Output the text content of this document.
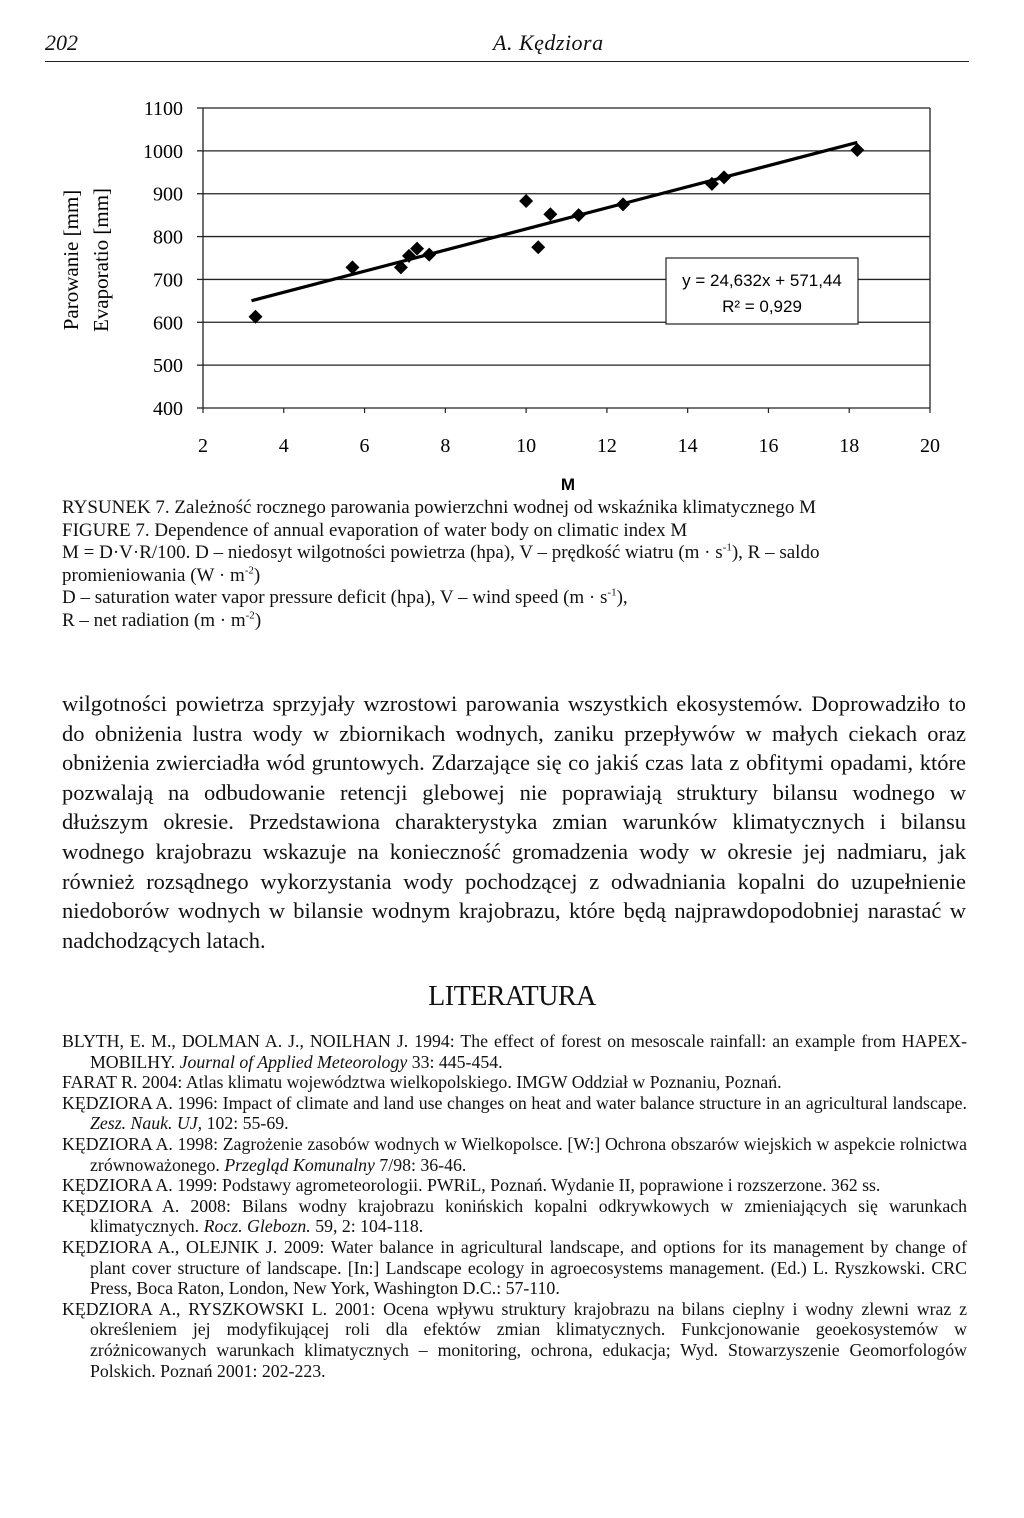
202	A. Kędziora
400
500
600
700
800
900
1000
1100
2	4	6	8	10	12	14	16	18	20
M
Parowanie [mm] Evaporatio [mm]	y = 24,632x + 571,44
R² = 0,929
RYSUNEK 7. Zależność rocznego parowania powierzchni wodnej od wskaźnika klimatycznego M
FIGURE 7. Dependence of annual evaporation of water body on climatic index M
M = D·V·R/100. D – niedosyt wilgotności powietrza (hpa), V – prędkość wiatru $(m \cdot s^{-1})$, R – saldo
promieniowania $(W \cdot m^{-2})$
D – saturation water vapor pressure deficit (hpa), V – wind speed $(m \cdot s^{-1})$,
R – net radiation $(m \cdot m^{-2})$
wilgotności powietrza sprzyjały wzrostowi parowania wszystkich ekosystemów. Doprowadziło to do obniżenia lustra wody w zbiornikach wodnych, zaniku przepływów w małych ciekach oraz obniżenia zwierciadła wód gruntowych. Zdarzające się co jakiś czas lata z obfitymi opadami, które pozwalają na odbudowanie retencji glebowej nie poprawiają struktury bilansu wodnego w dłuższym okresie. Przedstawiona charakterystyka zmian warunków klimatycznych i bilansu wodnego krajobrazu wskazuje na konieczność gromadzenia wody w okresie jej nadmiaru, jak również rozsądnego wykorzystania wody pochodzącej z odwadniania kopalni do uzupełnienie niedoborów wodnych w bilansie wodnym krajobrazu, które będą najprawdopodobniej narastać w nadchodzących latach.
LITERATURA
BLYTH, E. M., DOLMAN A. J., NOILHAN J. 1994: The effect of forest on mesoscale rainfall: an example from HAPEX-MOBILHY. Journal of Applied Meteorology 33: 445-454.
FARAT R. 2004: Atlas klimatu województwa wielkopolskiego. IMGW Oddział w Poznaniu, Poznań.
KĘDZIORA A. 1996: Impact of climate and land use changes on heat and water balance structure in an agricultural landscape. Zesz. Nauk. UJ, 102: 55-69.
KĘDZIORA A. 1998: Zagrożenie zasobów wodnych w Wielkopolsce. [W:] Ochrona obszarów wiejskich w aspekcie rolnictwa zrównoważonego. Przegląd Komunalny 7/98: 36-46.
KĘDZIORA A. 1999: Podstawy agrometeorologii. PWRiL, Poznań. Wydanie II, poprawione i rozszerzone. 362 ss.
KĘDZIORA A. 2008: Bilans wodny krajobrazu konińskich kopalni odkrywkowych w zmieniających się warunkach klimatycznych. Rocz. Glebozn. 59, 2: 104-118.
KĘDZIORA A., OLEJNIK J. 2009: Water balance in agricultural landscape, and options for its management by change of plant cover structure of landscape. [In:] Landscape ecology in agroecosystems management. (Ed.) L. Ryszkowski. CRC Press, Boca Raton, London, New York, Washington D.C.: 57-110.
KĘDZIORA A., RYSZKOWSKI L. 2001: Ocena wpływu struktury krajobrazu na bilans cieplny i wodny zlewni wraz z określeniem jej modyfikującej roli dla efektów zmian klimatycznych. Funkcjonowanie geoekosystemów w zróżnicowanych warunkach klimatycznych – monitoring, ochrona, edukacja; Wyd. Stowarzyszenie Geomorfologów Polskich. Poznań 2001: 202-223.
